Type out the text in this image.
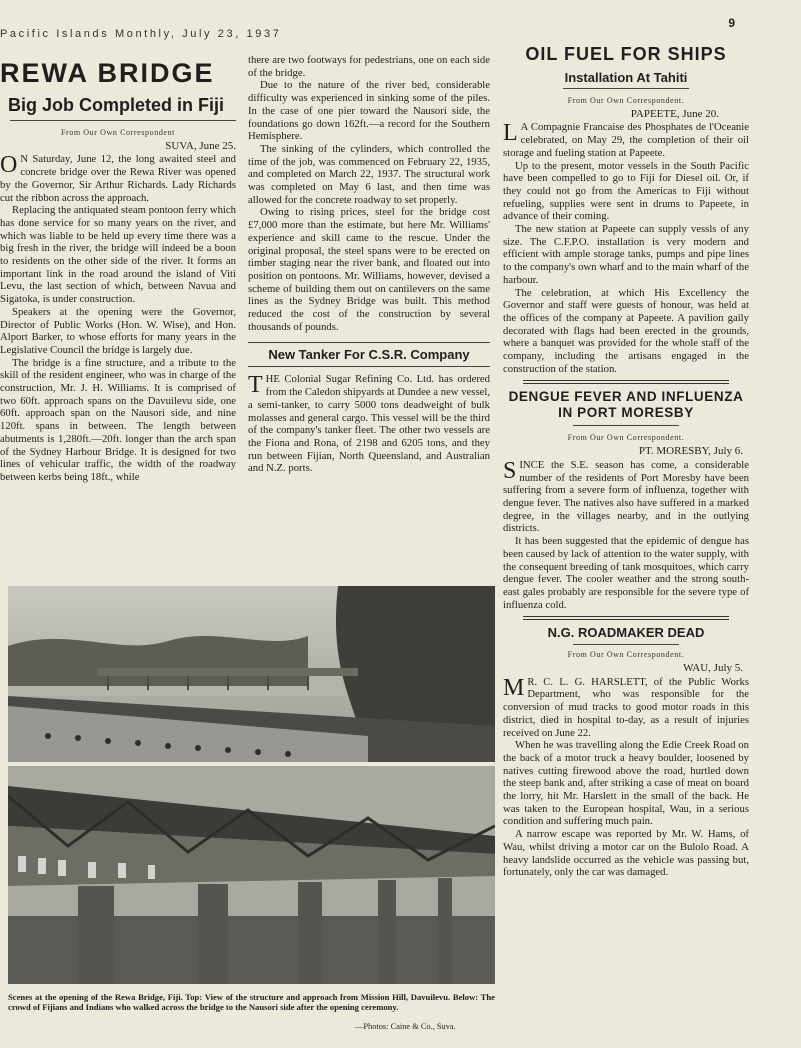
Pacific Islands Monthly, July 23, 1937
9
REWA BRIDGE
Big Job Completed in Fiji
From Our Own Correspondent
SUVA, June 25.

O N Saturday, June 12, the long awaited steel and concrete bridge over the Rewa River was opened by the Governor, Sir Arthur Richards. Lady Richards cut the ribbon across the approach.

Replacing the antiquated steam pontoon ferry which has done service for so many years on the river, and which was liable to be held up every time there was a big fresh in the river, the bridge will indeed be a boon to residents on the other side of the river. It forms an important link in the road around the island of Viti Levu, the last section of which, between Navua and Sigatoka, is under construction.

Speakers at the opening were the Governor, Director of Public Works (Hon. W. Wise), and Hon. Alport Barker, to whose efforts for many years in the Legislative Council the bridge is largely due.

The bridge is a fine structure, and a tribute to the skill of the resident engineer, who was in charge of the construction, Mr. J. H. Williams. It is comprised of two 60ft. approach spans on the Davuilevu side, one 60ft. approach span on the Nausori side, and nine 120ft. spans in between. The length between abutments is 1,280ft.—20ft. longer than the arch span of the Sydney Harbour Bridge. It is designed for two lines of vehicular traffic, the width of the roadway between kerbs being 18ft., while

there are two footways for pedestrians, one on each side of the bridge.

Due to the nature of the river bed, considerable difficulty was experienced in sinking some of the piles. In the case of one pier toward the Nausori side, the foundations go down 162ft.—a record for the Southern Hemisphere.

The sinking of the cylinders, which controlled the time of the job, was commenced on February 22, 1935, and completed on March 22, 1937. The structural work was completed on May 6 last, and then time was allowed for the concrete roadway to set properly.

Owing to rising prices, steel for the bridge cost £7,000 more than the estimate, but here Mr. Williams' experience and skill came to the rescue. Under the original proposal, the steel spans were to be erected on timber staging near the river bank, and floated out into position on pontoons. Mr. Williams, however, devised a scheme of building them out on cantilevers on the same lines as the Sydney Bridge was built. This method reduced the cost of the construction by several thousands of pounds.

New Tanker For C.S.R. Company

THE Colonial Sugar Refining Co. Ltd. has ordered from the Caledon shipyards at Dundee a new vessel, a semi-tanker, to carry 5000 tons deadweight of bulk molasses and general cargo. This vessel will be the third of the company's tanker fleet. The other two vessels are the Fiona and Rona, of 2198 and 6205 tons, and they run between Fijian, North Queensland, and Australian and N.Z. ports.

OIL FUEL FOR SHIPS
Installation At Tahiti
From Our Own Correspondent.
PAPEETE, June 20.

L A Compagnie Francaise des Phosphates de l'Oceanie celebrated, on May 29, the completion of their oil storage and fueling station at Papeete.

Up to the present, motor vessels in the South Pacific have been compelled to go to Fiji for Diesel oil. Or, if they could not go from the Americas to Fiji without refueling, supplies were sent in drums to Papeete, in advance of their coming.

The new station at Papeete can supply vessls of any size. The C.F.P.O. installation is very modern and efficient with ample storage tanks, pumps and pipe lines to the company's own wharf and to the main wharf of the harbour.

The celebration, at which His Excellency the Governor and staff were guests of honour, was held at the offices of the company at Papeete. A pavilion gaily decorated with flags had been erected in the grounds, where a banquet was provided for the whole staff of the company, including the artisans engaged in the construction of the station.

DENGUE FEVER AND INFLUENZA IN PORT MORESBY
From Our Own Correspondent.
PT. MORESBY, July 6.

SINCE the S.E. season has come, a considerable number of the residents of Port Moresby have been suffering from a severe form of influenza, together with dengue fever. The natives also have suffered in a marked degree, in the villages nearby, and in the outlying districts.

It has been suggested that the epidemic of dengue has been caused by lack of attention to the water supply, with the consequent breeding of tank mosquitoes, which carry dengue fever. The cooler weather and the strong south-east gales probably are responsible for the severe type of influenza cold.

N.G. ROADMAKER DEAD
From Our Own Correspondent.
WAU, July 5.

M R. C. L. G. HARSLETT, of the Public Works Department, who was responsible for the conversion of mud tracks to good motor roads in this district, died in hospital to-day, as a result of injuries received on June 22.

When he was travelling along the Edie Creek Road on the back of a motor truck a heavy boulder, loosened by natives cutting firewood above the road, hurtled down the steep bank and, after striking a case of meat on board the lorry, hit Mr. Harslett in the small of the back. He was taken to the European hospital, Wau, in a serious condition and suffering much pain.

A narrow escape was reported by Mr. W. Hams, of Wau, whilst driving a motor car on the Bulolo Road. A heavy landslide occurred as the vehicle was passing but, fortunately, only the car was damaged.

Scenes at the opening of the Rewa Bridge, Fiji. Top: View of the structure and approach from Mission Hill, Davuilevu. Below: The crowd of Fijians and Indians who walked across the bridge to the Nausori side after the opening ceremony.
—Photos: Caine & Co., Suva.
